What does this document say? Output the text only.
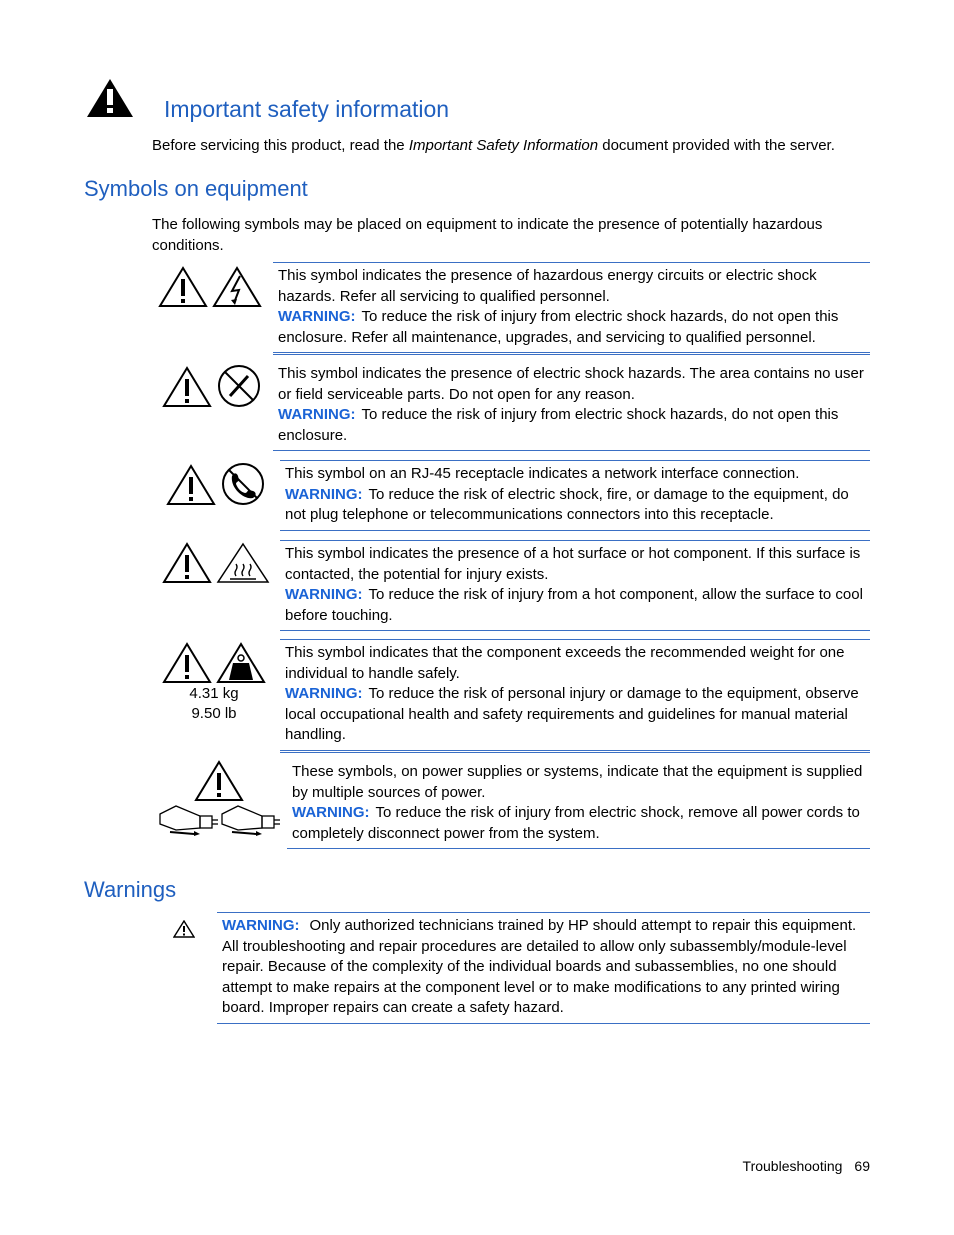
Important safety information

Before servicing this product, read the Important Safety Information document provided with the server.

Symbols on equipment

The following symbols may be placed on equipment to indicate the presence of potentially hazardous conditions.

This symbol indicates the presence of hazardous energy circuits or electric shock hazards. Refer all servicing to qualified personnel.
WARNING: To reduce the risk of injury from electric shock hazards, do not open this enclosure. Refer all maintenance, upgrades, and servicing to qualified personnel.

This symbol indicates the presence of electric shock hazards. The area contains no user or field serviceable parts. Do not open for any reason.
WARNING: To reduce the risk of injury from electric shock hazards, do not open this enclosure.

This symbol on an RJ-45 receptacle indicates a network interface connection.
WARNING: To reduce the risk of electric shock, fire, or damage to the equipment, do not plug telephone or telecommunications connectors into this receptacle.

This symbol indicates the presence of a hot surface or hot component. If this surface is contacted, the potential for injury exists.
WARNING: To reduce the risk of injury from a hot component, allow the surface to cool before touching.

4.31 kg
9.50 lb
This symbol indicates that the component exceeds the recommended weight for one individual to handle safely.
WARNING: To reduce the risk of personal injury or damage to the equipment, observe local occupational health and safety requirements and guidelines for manual material handling.
These symbols, on power supplies or systems, indicate that the equipment is supplied by multiple sources of power.
WARNING: To reduce the risk of injury from electric shock, remove all power cords to completely disconnect power from the system.
Warnings
WARNING: Only authorized technicians trained by HP should attempt to repair this equipment. All troubleshooting and repair procedures are detailed to allow only subassembly/module-level repair. Because of the complexity of the individual boards and subassemblies, no one should attempt to make repairs at the component level or to make modifications to any printed wiring board. Improper repairs can create a safety hazard.
Troubleshooting 69
